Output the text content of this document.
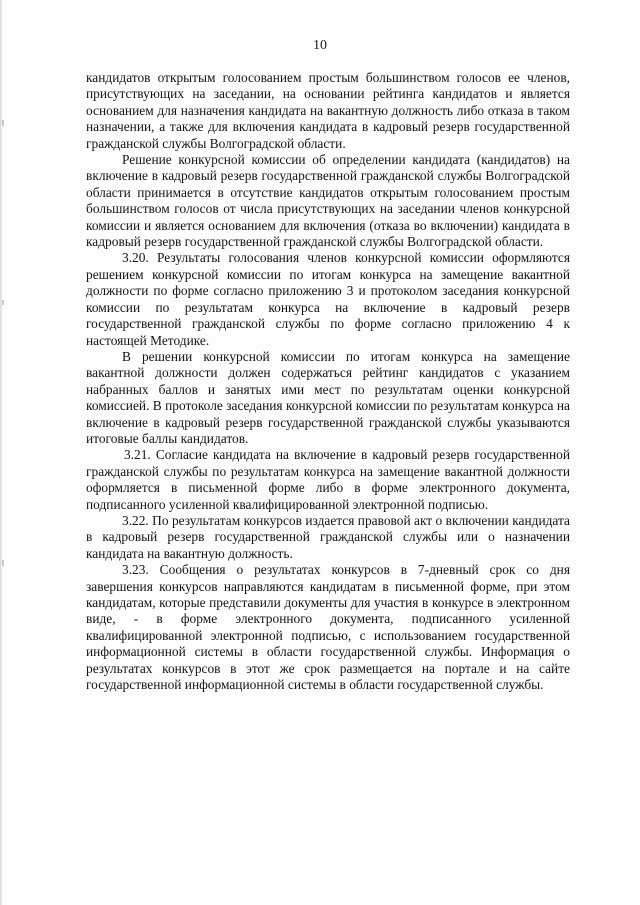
10

кандидатов открытым голосованием простым большинством голосов ее членов, присутствующих на заседании, на основании рейтинга кандидатов и является основанием для назначения кандидата на вакантную должность либо отказа в таком назначении, а также для включения кандидата в кадровый резерв государственной гражданской службы Волгоградской области.

Решение конкурсной комиссии об определении кандидата (кандидатов) на включение в кадровый резерв государственной гражданской службы Волгоградской области принимается в отсутствие кандидатов открытым голосованием простым большинством голосов от числа присутствующих на заседании членов конкурсной комиссии и является основанием для включения (отказа во включении) кандидата в кадровый резерв государственной гражданской службы Волгоградской области.

3.20. Результаты голосования членов конкурсной комиссии оформляются решением конкурсной комиссии по итогам конкурса на замещение вакантной должности по форме согласно приложению 3 и протоколом заседания конкурсной комиссии по результатам конкурса на включение в кадровый резерв государственной гражданской службы по форме согласно приложению 4 к настоящей Методике.

В решении конкурсной комиссии по итогам конкурса на замещение вакантной должности должен содержаться рейтинг кандидатов с указанием набранных баллов и занятых ими мест по результатам оценки конкурсной комиссией. В протоколе заседания конкурсной комиссии по результатам конкурса на включение в кадровый резерв государственной гражданской службы указываются итоговые баллы кандидатов.

3.21. Согласие кандидата на включение в кадровый резерв государственной гражданской службы по результатам конкурса на замещение вакантной должности оформляется в письменной форме либо в форме электронного документа, подписанного усиленной квалифицированной электронной подписью.

3.22. По результатам конкурсов издается правовой акт о включении кандидата в кадровый резерв государственной гражданской службы или о назначении кандидата на вакантную должность.

3.23. Сообщения о результатах конкурсов в 7-дневный срок со дня завершения конкурсов направляются кандидатам в письменной форме, при этом кандидатам, которые представили документы для участия в конкурсе в электронном виде, - в форме электронного документа, подписанного усиленной квалифицированной электронной подписью, с использованием государственной информационной системы в области государственной службы. Информация о результатах конкурсов в этот же срок размещается на портале и на сайте государственной информационной системы в области государственной службы.
